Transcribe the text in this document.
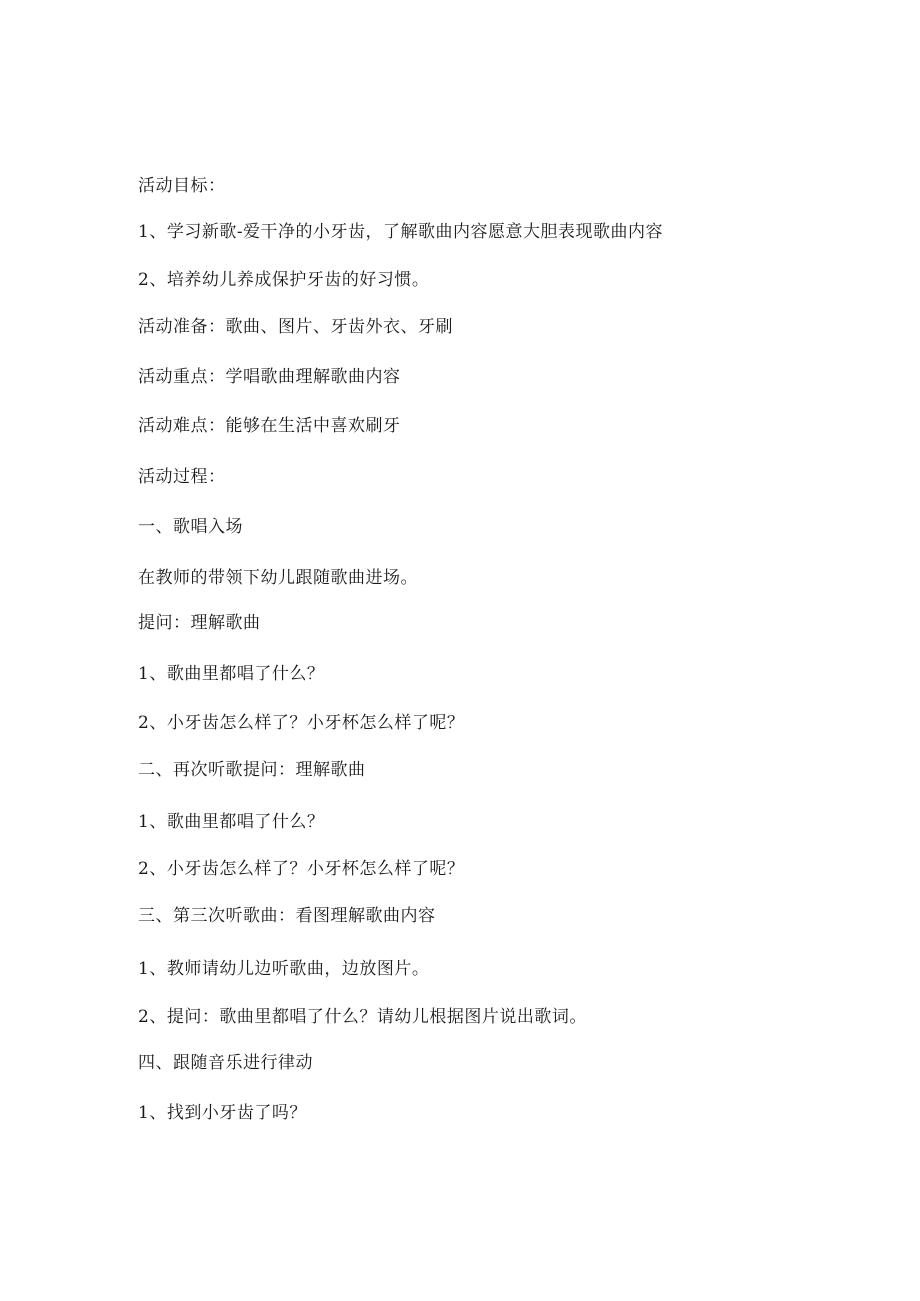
活动目标：
1、学习新歌-爱干净的小牙齿，了解歌曲内容愿意大胆表现歌曲内容
2、培养幼儿养成保护牙齿的好习惯。
活动准备：歌曲、图片、牙齿外衣、牙刷
活动重点：学唱歌曲理解歌曲内容
活动难点：能够在生活中喜欢刷牙
活动过程：
一、歌唱入场
在教师的带领下幼儿跟随歌曲进场。
提问：理解歌曲
1、歌曲里都唱了什么？
2、小牙齿怎么样了？小牙杯怎么样了呢？
二、再次听歌提问：理解歌曲
1、歌曲里都唱了什么？
2、小牙齿怎么样了？小牙杯怎么样了呢？
三、第三次听歌曲：看图理解歌曲内容
1、教师请幼儿边听歌曲，边放图片。
2、提问：歌曲里都唱了什么？请幼儿根据图片说出歌词。
四、跟随音乐进行律动
1、找到小牙齿了吗？
